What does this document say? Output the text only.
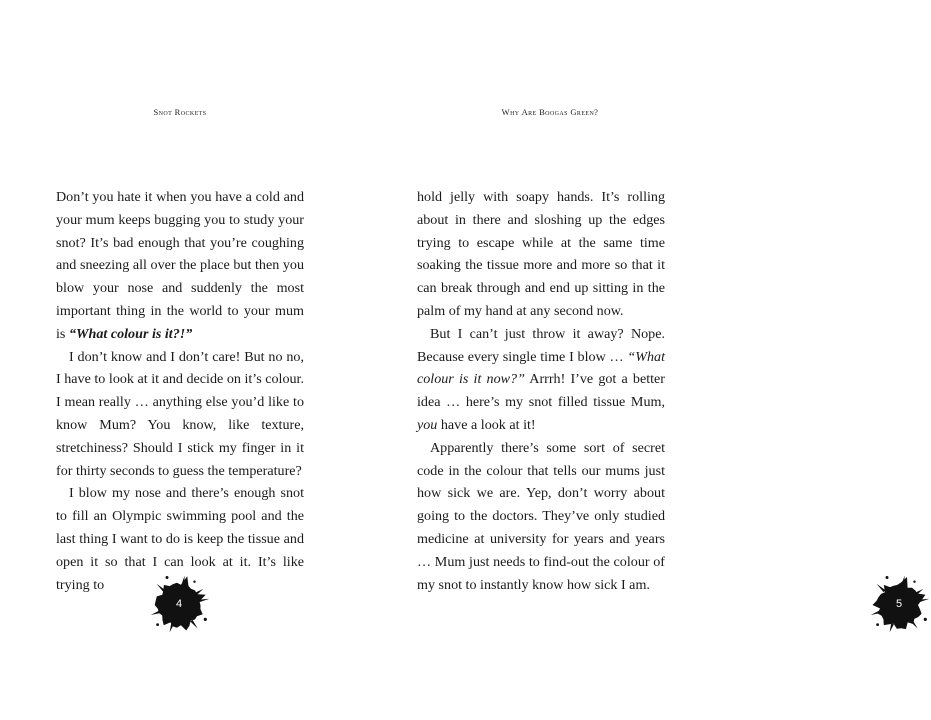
Snot Rockets

Don’t you hate it when you have a cold and your mum keeps bugging you to study your snot? It’s bad enough that you’re coughing and sneezing all over the place but then you blow your nose and suddenly the most important thing in the world to your mum is “What colour is it?!”

I don’t know and I don’t care! But no no, I have to look at it and decide on it’s colour. I mean really … anything else you’d like to know Mum? You know, like texture, stretchiness? Should I stick my finger in it for thirty seconds to guess the temperature?

I blow my nose and there’s enough snot to fill an Olympic swimming pool and the last thing I want to do is keep the tissue and open it so that I can look at it. It’s like trying to

4
Why Are Boogas Green?

hold jelly with soapy hands. It’s rolling about in there and sloshing up the edges trying to escape while at the same time soaking the tissue more and more so that it can break through and end up sitting in the palm of my hand at any second now.

But I can’t just throw it away? Nope. Because every single time I blow … “What colour is it now?” Arrrh! I’ve got a better idea … here’s my snot filled tissue Mum, you have a look at it!

Apparently there’s some sort of secret code in the colour that tells our mums just how sick we are. Yep, don’t worry about going to the doctors. They’ve only studied medicine at university for years and years … Mum just needs to find-out the colour of my snot to instantly know how sick I am.

5
